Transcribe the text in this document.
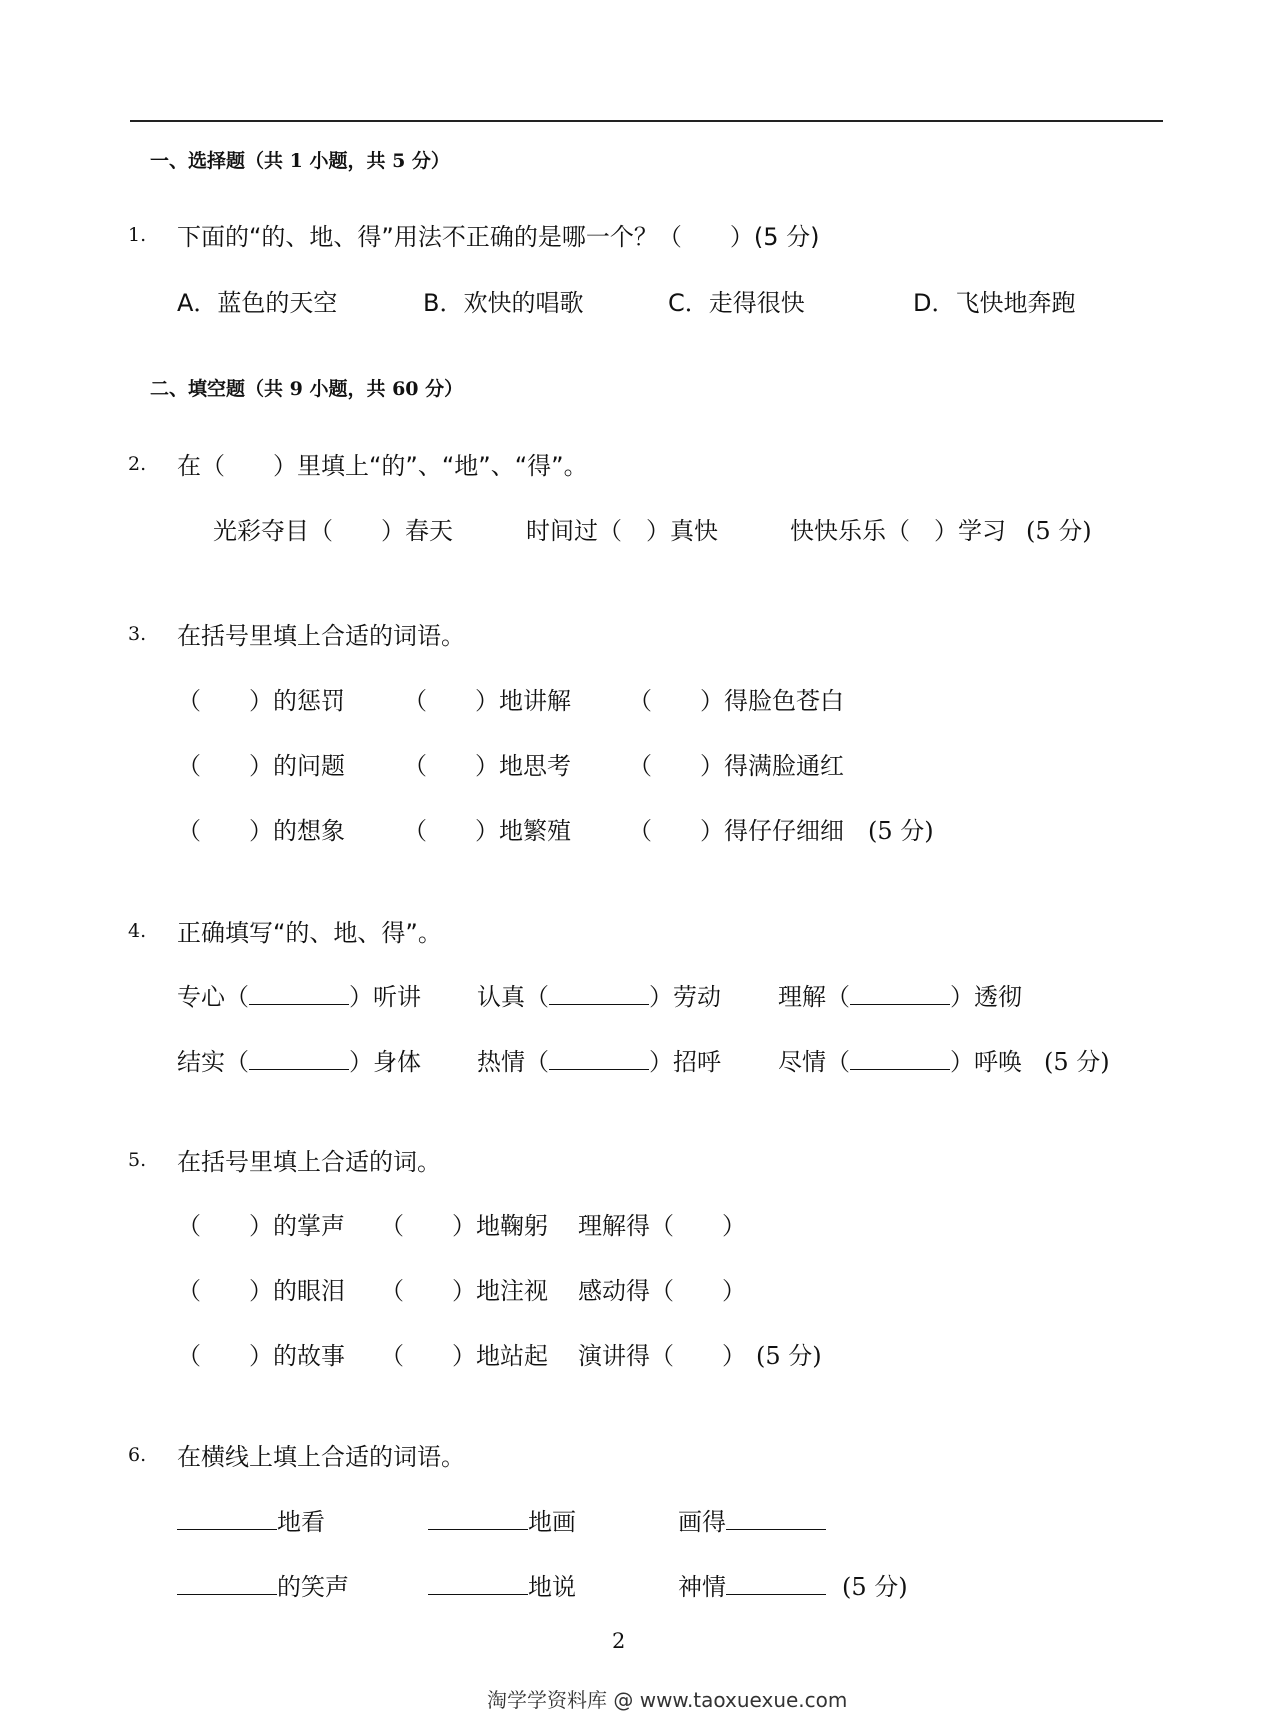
一、选择题（共 1 小题，共 5 分）
1. 下面的“的、地、得”用法不正确的是哪一个？（　　）(5 分)
A．蓝色的天空	B．欢快的唱歌	C．走得很快	D．飞快地奔跑
二、填空题（共 9 小题，共 60 分）
2. 在（　　）里填上“的”、“地”、“得”。
光彩夺目（　　）春天	时间过（　）真快	快快乐乐（　）学习 (5 分)
3. 在括号里填上合适的词语。
（　　）的惩罚 （　　）地讲解 （　　）得脸色苍白
（　　）的问题 （　　）地思考 （　　）得满脸通红
（　　）的想象 （　　）地繁殖 （　　）得仔仔细细 (5 分)
4. 正确填写“的、地、得”。
专心（	）听讲 认真（	）劳动 理解（	）透彻
结实（	）身体 热情（	）招呼 尽情（	）呼唤 (5 分)
5. 在括号里填上合适的词。
（　　）的掌声 （　　）地鞠躬 理解得（　　）
（　　）的眼泪 （　　）地注视 感动得（　　）
（　　）的故事 （　　）地站起 演讲得（　　） (5 分)
6. 在横线上填上合适的词语。
地看	地画	画得
的笑声	地说	神情	(5 分)
2
淘学学资料库 @ www.taoxuexue.com
